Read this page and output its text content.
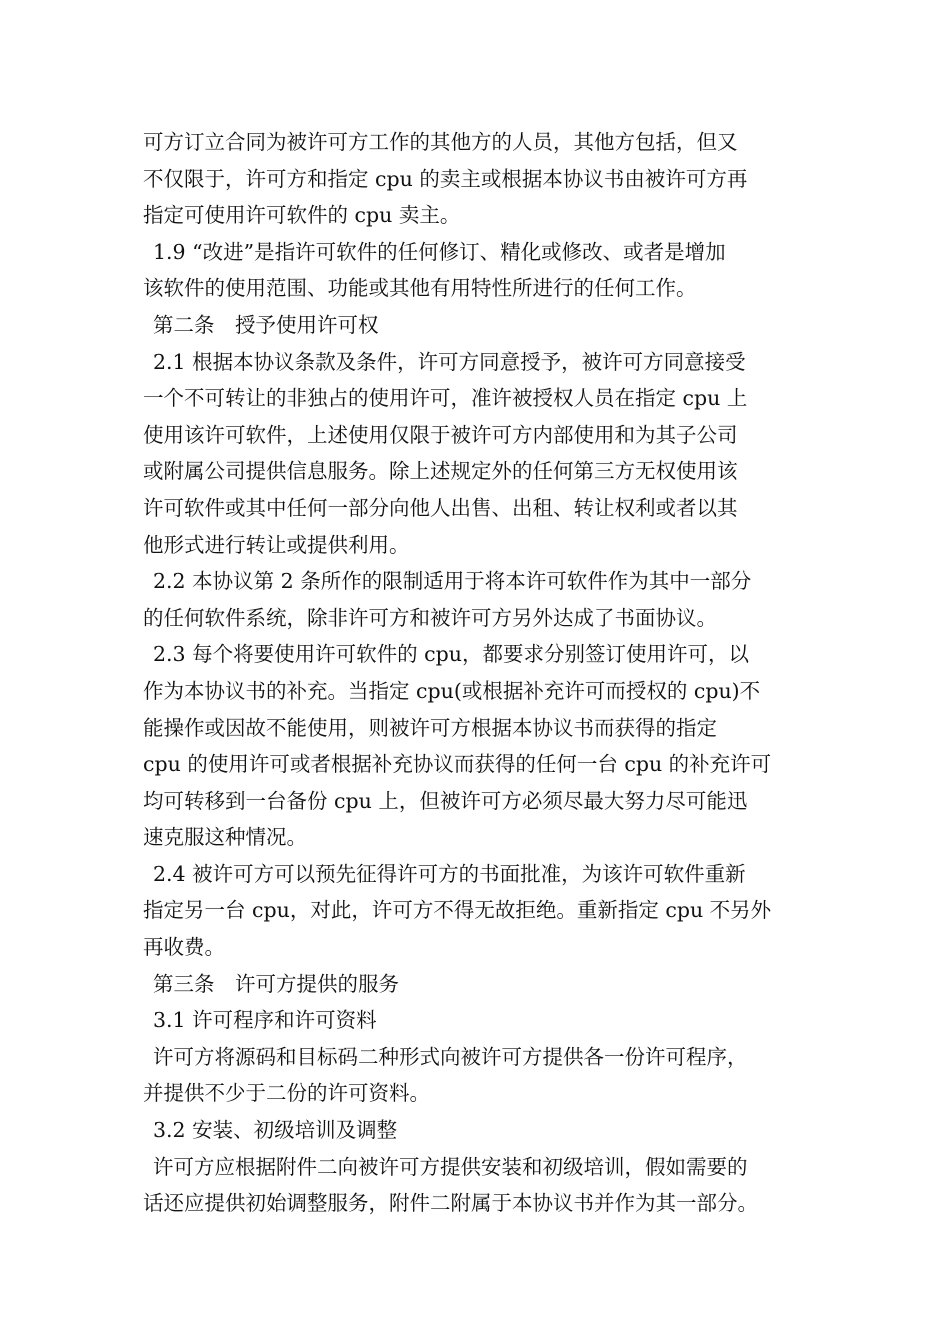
可方订立合同为被许可方工作的其他方的人员，其他方包括，但又
不仅限于，许可方和指定 cpu 的卖主或根据本协议书由被许可方再
指定可使用许可软件的 cpu 卖主。
1.9 “改进”是指许可软件的任何修订、精化或修改、或者是增加
该软件的使用范围、功能或其他有用特性所进行的任何工作。
第二条　授予使用许可权
2.1 根据本协议条款及条件，许可方同意授予，被许可方同意接受
一个不可转让的非独占的使用许可，准许被授权人员在指定 cpu 上
使用该许可软件，上述使用仅限于被许可方内部使用和为其子公司
或附属公司提供信息服务。除上述规定外的任何第三方无权使用该
许可软件或其中任何一部分向他人出售、出租、转让权利或者以其
他形式进行转让或提供利用。
2.2 本协议第 2 条所作的限制适用于将本许可软件作为其中一部分
的任何软件系统，除非许可方和被许可方另外达成了书面协议。
2.3 每个将要使用许可软件的 cpu，都要求分别签订使用许可，以
作为本协议书的补充。当指定 cpu(或根据补充许可而授权的 cpu)不
能操作或因故不能使用，则被许可方根据本协议书而获得的指定
cpu 的使用许可或者根据补充协议而获得的任何一台 cpu 的补充许可
均可转移到一台备份 cpu 上，但被许可方必须尽最大努力尽可能迅
速克服这种情况。
2.4 被许可方可以预先征得许可方的书面批准，为该许可软件重新
指定另一台 cpu，对此，许可方不得无故拒绝。重新指定 cpu 不另外
再收费。
第三条　许可方提供的服务
3.1 许可程序和许可资料
许可方将源码和目标码二种形式向被许可方提供各一份许可程序，
并提供不少于二份的许可资料。
3.2 安装、初级培训及调整
许可方应根据附件二向被许可方提供安装和初级培训，假如需要的
话还应提供初始调整服务，附件二附属于本协议书并作为其一部分。
